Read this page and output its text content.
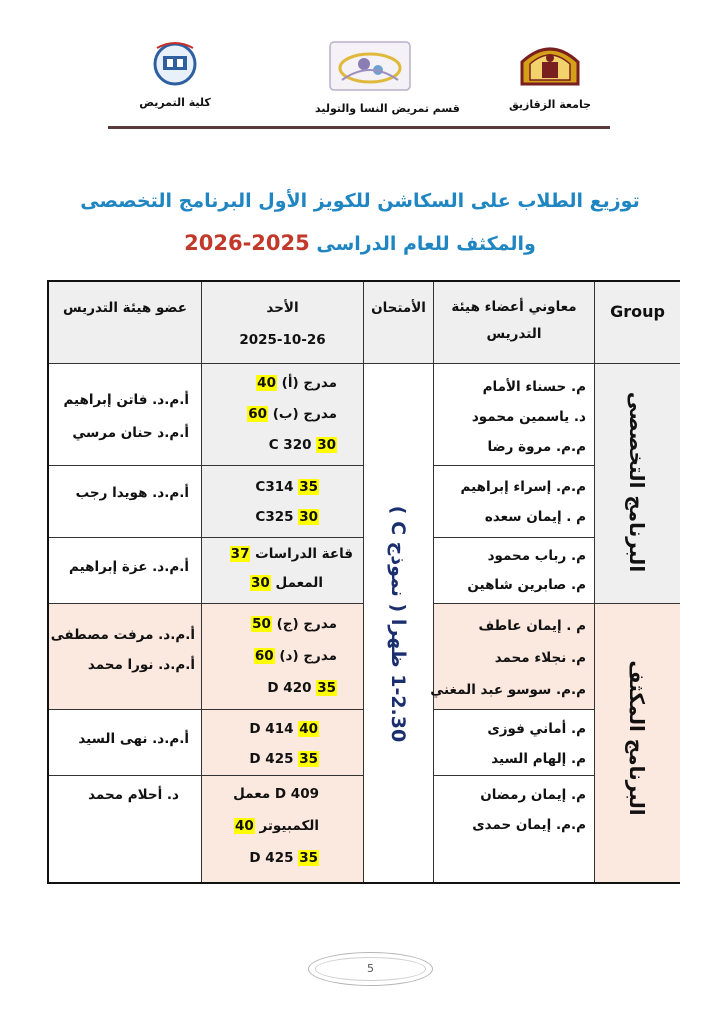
جامعة الزقازيق
قسم تمريض النسا والتوليد
كلية التمريض
توزيع الطلاب على السكاشن للكويز الأول البرنامج التخصصى
والمكثف للعام الدراسى 2025-2026
Group
معاوني أعضاء هيئة التدريس
الأمتحان
الأحد
2025-10-26
عضو هيئة التدريس
البرنامج التخصصى
البرنامج المكثف
1-2.30 ظهرا ( نموذج C )
م. حسناء الأمام
د. ياسمين محمود
م.م. مروة رضا
مدرج (أ) 40
مدرج (ب) 60
C 320 30
أ.م.د. فاتن إبراهيم
أ.م.د حنان مرسي
م.م. إسراء إبراهيم
م . إيمان سعده
C314 35
C325 30
أ.م.د. هويدا رجب
م. رباب محمود
م. صابرين شاهين
قاعة الدراسات 37
المعمل 30
أ.م.د. عزة إبراهيم
م . إيمان عاطف
م. نجلاء محمد
م.م. سوسو عبد المغني
مدرج (ج) 50
مدرج (د) 60
D 420 35
أ.م.د. مرفت مصطفى
أ.م.د. نورا محمد
م. أماني فوزى
م. إلهام السيد
D 414 40
D 425 35
أ.م.د. نهى السيد
م. إيمان رمضان
م.م. إيمان حمدى
D 409 معمل
الكمبيوتر 40
D 425 35
د. أحلام محمد
5
